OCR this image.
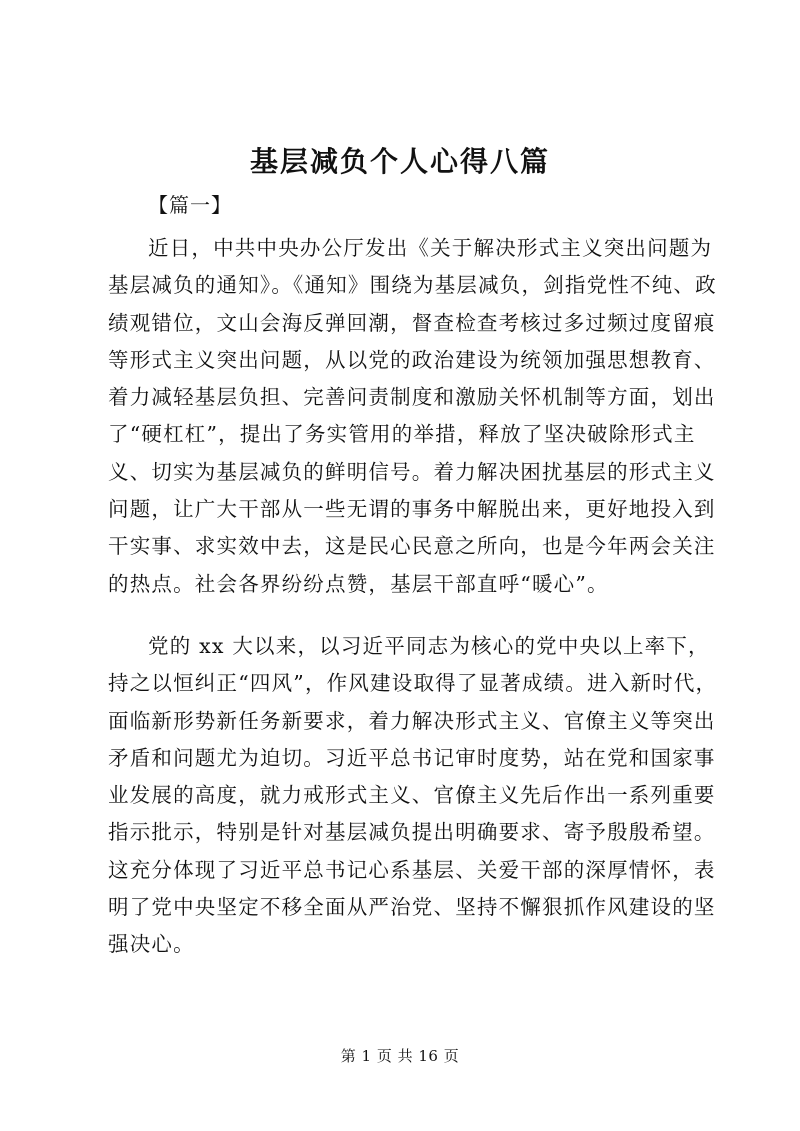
基层减负个人心得八篇
【篇一】
近日，中共中央办公厅发出《关于解决形式主义突出问题为
基层减负的通知》。《通知》围绕为基层减负，剑指党性不纯、政
绩观错位，文山会海反弹回潮，督查检查考核过多过频过度留痕
等形式主义突出问题，从以党的政治建设为统领加强思想教育、
着力减轻基层负担、完善问责制度和激励关怀机制等方面，划出
了“硬杠杠”，提出了务实管用的举措，释放了坚决破除形式主
义、切实为基层减负的鲜明信号。着力解决困扰基层的形式主义
问题，让广大干部从一些无谓的事务中解脱出来，更好地投入到
干实事、求实效中去，这是民心民意之所向，也是今年两会关注
的热点。社会各界纷纷点赞，基层干部直呼“暖心”。
党的 xx 大以来，以习近平同志为核心的党中央以上率下，
持之以恒纠正“四风”，作风建设取得了显著成绩。进入新时代，
面临新形势新任务新要求，着力解决形式主义、官僚主义等突出
矛盾和问题尤为迫切。习近平总书记审时度势，站在党和国家事
业发展的高度，就力戒形式主义、官僚主义先后作出一系列重要
指示批示，特别是针对基层减负提出明确要求、寄予殷殷希望。
这充分体现了习近平总书记心系基层、关爱干部的深厚情怀，表
明了党中央坚定不移全面从严治党、坚持不懈狠抓作风建设的坚
强决心。
第 1 页 共 16 页
